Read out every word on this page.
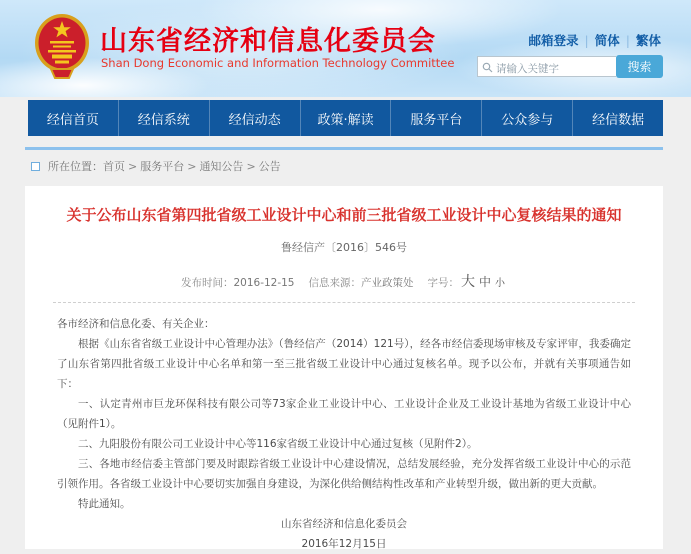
山东省经济和信息化委员会
Shan Dong Economic and Information Technology Committee
邮箱登录 | 简体 | 繁体
请输入关键字
搜索
经信首页	经信系统	经信动态	政策·解读	服务平台	公众参与	经信数据
所在位置： 首页 > 服务平台 > 通知公告 > 公告
关于公布山东省第四批省级工业设计中心和前三批省级工业设计中心复核结果的通知
鲁经信产〔2016〕546号
发布时间：2016-12-15 信息来源：产业政策处 字号： 大 中 小

各市经济和信息化委、有关企业：

根据《山东省省级工业设计中心管理办法》（鲁经信产（2014）121号），经各市经信委现场审核及专家评审，我委确定了山东省第四批省级工业设计中心名单和第一至三批省级工业设计中心通过复核名单。现予以公布，并就有关事项通告如下：

一、认定青州市巨龙环保科技有限公司等73家企业工业设计中心、工业设计企业及工业设计基地为省级工业设计中心（见附件1）。

二、九阳股份有限公司工业设计中心等116家省级工业设计中心通过复核（见附件2）。

三、各地市经信委主管部门要及时跟踪省级工业设计中心建设情况，总结发展经验，充分发挥省级工业设计中心的示范引领作用。各省级工业设计中心要切实加强自身建设，为深化供给侧结构性改革和产业转型升级，做出新的更大贡献。

特此通知。

山东省经济和信息化委员会

2016年12月15日
